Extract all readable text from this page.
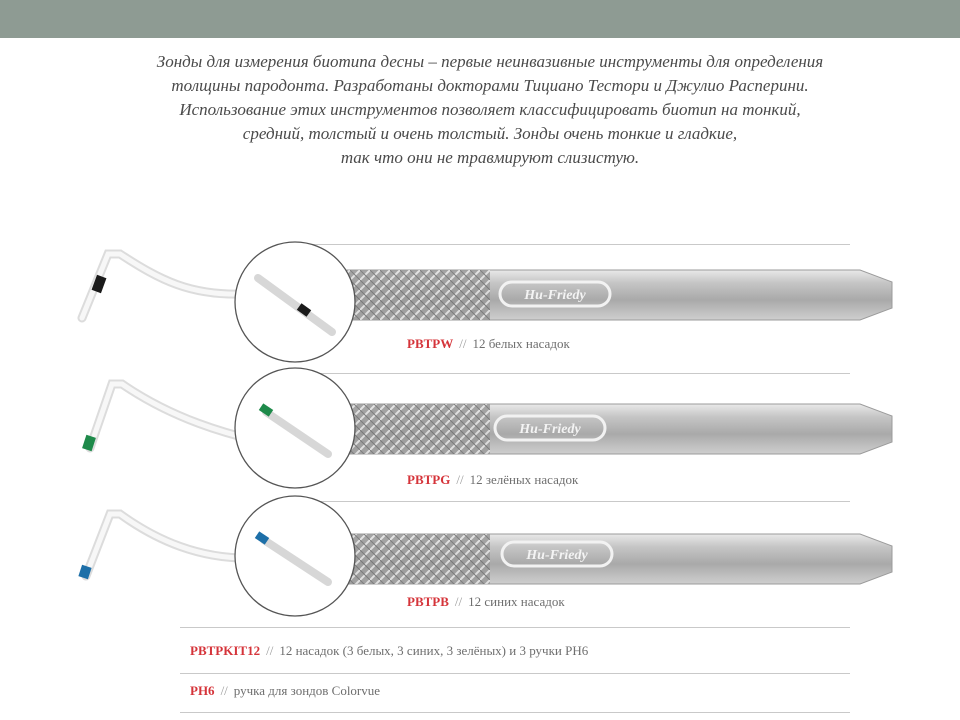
Зонды для измерения биотипа десны – первые неинвазивные инструменты для определения

толщины пародонта. Разработаны докторами Тициано Тестори и Джулио Расперини.

Использование этих инструментов позволяет классифицировать биотип на тонкий,

средний, толстый и очень толстый. Зонды очень тонкие и гладкие,

так что они не травмируют слизистую.

Hu-Friedy
PBTPW // 12 белых насадок
Hu-Friedy
PBTPG // 12 зелёных насадок
Hu-Friedy
PBTPB // 12 синих насадок
PBTPKIT12 // 12 насадок (3 белых, 3 синих, 3 зелёных) и 3 ручки PH6
PH6 // ручка для зондов Colorvue
